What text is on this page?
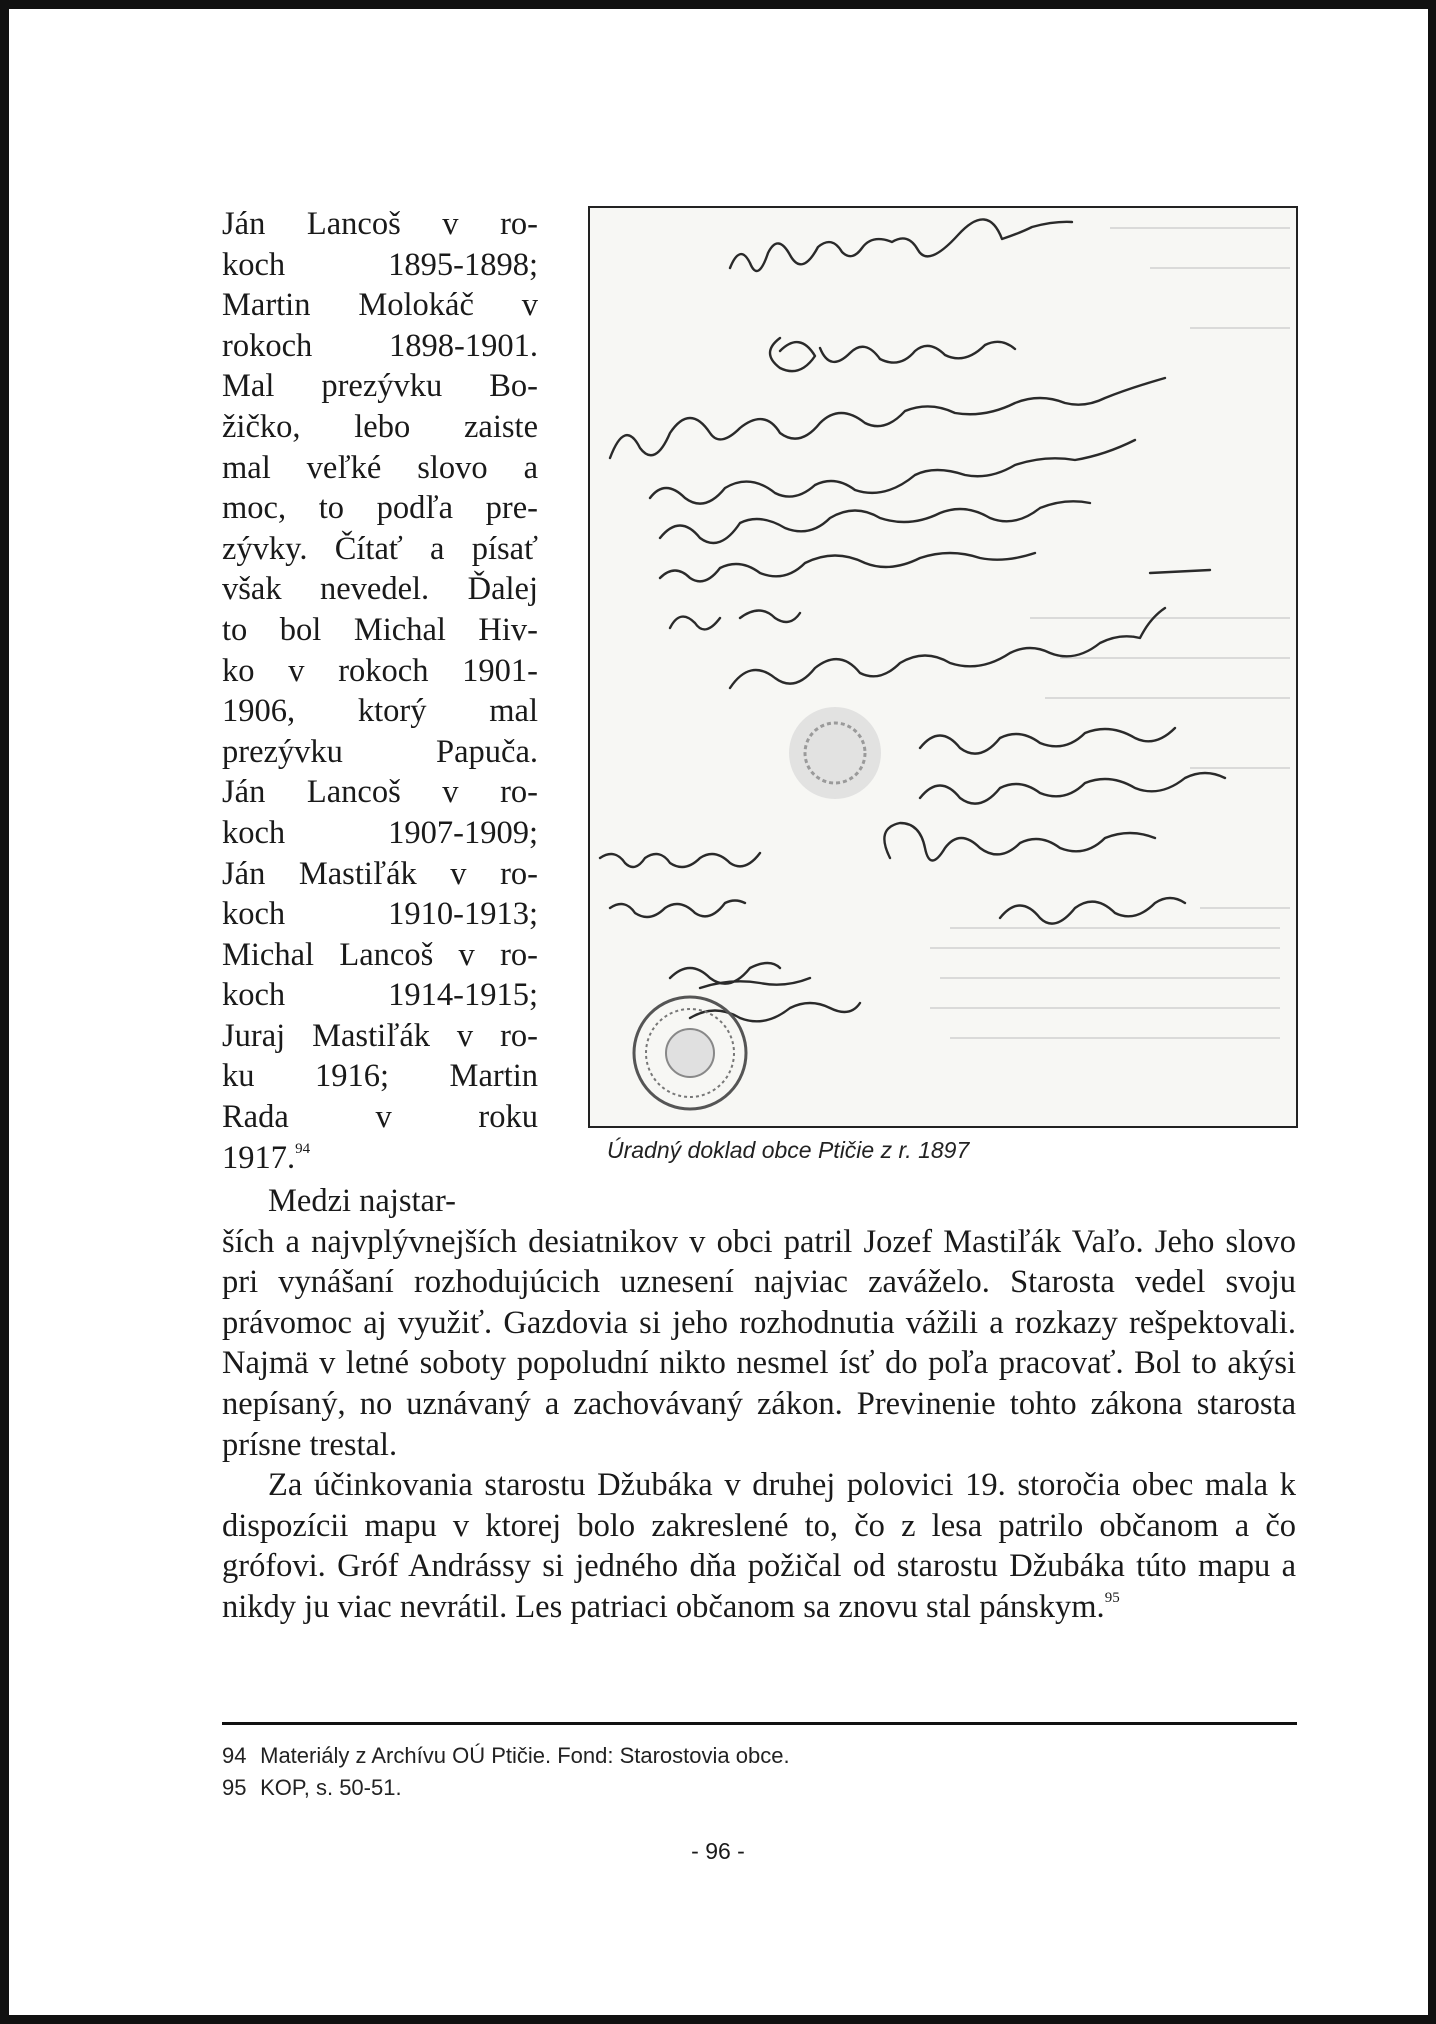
Ján Lancoš v ro-
koch 1895-1898;
Martin Molokáč v
rokoch 1898-1901.
Mal prezývku Bo-
žičko, lebo zaiste
mal veľké slovo a
moc, to podľa pre-
zývky. Čítať a písať
však nevedel. Ďalej
to bol Michal Hiv-
ko v rokoch 1901-
1906, ktorý mal
prezývku Papuča.
Ján Lancoš v ro-
koch 1907-1909;
Ján Mastiľák v ro-
koch 1910-1913;
Michal Lancoš v ro-
koch 1914-1915;
Juraj Mastiľák v ro-
ku 1916; Martin
Rada v roku
1917.94	Úradný doklad obce Ptičie z r. 1897

Medzi najstar-

ších a najvplývnejších desiatnikov v obci patril Jozef Mastiľák Vaľo. Jeho slovo pri vynášaní rozhodujúcich uznesení najviac zaváželo. Starosta vedel svoju právomoc aj využiť. Gazdovia si jeho rozhodnutia vážili a rozkazy rešpektovali. Najmä v letné soboty popoludní nikto nesmel ísť do poľa pracovať. Bol to akýsi nepísaný, no uznávaný a zachovávaný zákon. Previnenie tohto zákona starosta prísne trestal.

Za účinkovania starostu Džubáka v druhej polovici 19. storočia obec mala k dispozícii mapu v ktorej bolo zakreslené to, čo z lesa patrilo občanom a čo grófovi. Gróf Andrássy si jedného dňa požičal od starostu Džubáka túto mapu a nikdy ju viac nevrátil. Les patriaci občanom sa znovu stal pánskym.$^{95}$

94 Materiály z Archívu OÚ Ptičie. Fond: Starostovia obce.
95 KOP, s. 50-51.
- 96 -
